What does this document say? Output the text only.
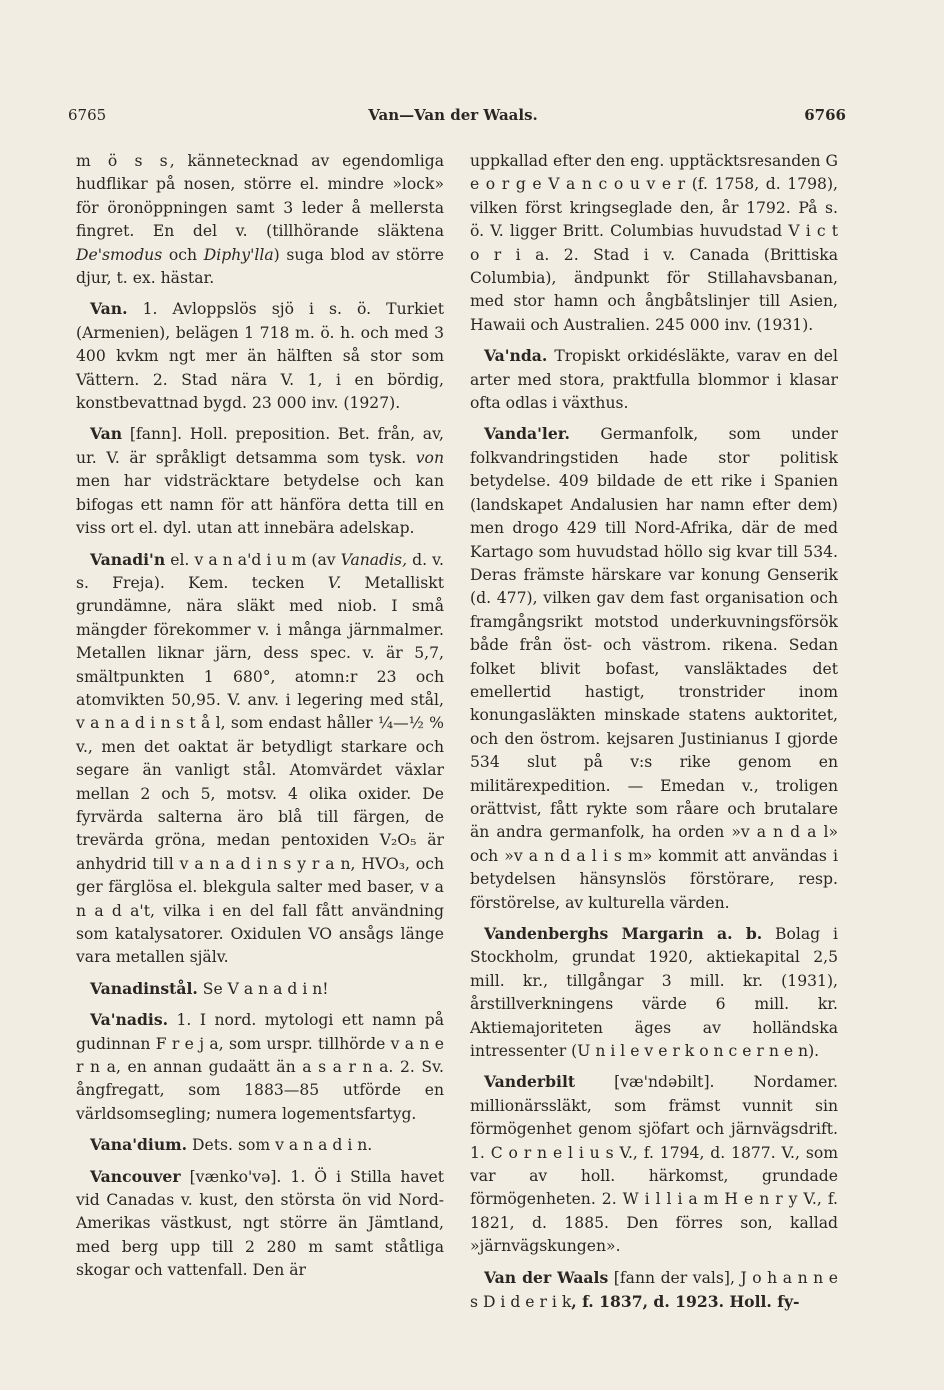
6765	Van—Van der Waals.	6766

m ö s s, kännetecknad av egendomliga hudflikar på nosen, större el. mindre »lock» för öronöppningen samt 3 leder å mellersta fingret. En del v. (tillhörande släktena De'smodus och Diphy'lla) suga blod av större djur, t. ex. hästar.

Van. 1. Avloppslös sjö i s. ö. Turkiet (Armenien), belägen 1 718 m. ö. h. och med 3 400 kvkm ngt mer än hälften så stor som Vättern. 2. Stad nära V. 1, i en bördig, konstbevattnad bygd. 23 000 inv. (1927).

Van [fann]. Holl. preposition. Bet. från, av, ur. V. är språkligt detsamma som tysk. von men har vidsträcktare betydelse och kan bifogas ett namn för att hänföra detta till en viss ort el. dyl. utan att innebära adelskap.

Vanadi'n el. v a n a'd i u m (av Vanadis, d. v. s. Freja). Kem. tecken V. Metalliskt grundämne, nära släkt med niob. I små mängder förekommer v. i många järnmalmer. Metallen liknar järn, dess spec. v. är 5,7, smältpunkten 1 680°, atomn:r 23 och atomvikten 50,95. V. anv. i legering med stål, v a n a d i n s t å l, som endast håller ¼—½ % v., men det oaktat är betydligt starkare och segare än vanligt stål. Atomvärdet växlar mellan 2 och 5, motsv. 4 olika oxider. De fyrvärda salterna äro blå till färgen, de trevärda gröna, medan pentoxiden V₂O₅ är anhydrid till v a n a d i n s y r a n, HVO₃, och ger färglösa el. blekgula salter med baser, v a n a d a't, vilka i en del fall fått användning som katalysatorer. Oxidulen VO ansågs länge vara metallen själv.

Vanadinstål. Se V a n a d i n!

Va'nadis. 1. I nord. mytologi ett namn på gudinnan F r e j a, som urspr. tillhörde v a n e r n a, en annan gudaätt än a s a r n a. 2. Sv. ångfregatt, som 1883—85 utförde en världsomsegling; numera logementsfartyg.

Vana'dium. Dets. som v a n a d i n.

Vancouver [vænko'və]. 1. Ö i Stilla havet vid Canadas v. kust, den största ön vid Nord-Amerikas västkust, ngt större än Jämtland, med berg upp till 2 280 m samt ståtliga skogar och vattenfall. Den är

uppkallad efter den eng. upptäcktsresanden G e o r g e V a n c o u v e r (f. 1758, d. 1798), vilken först kringseglade den, år 1792. På s. ö. V. ligger Britt. Columbias huvudstad V i c t o r i a. 2. Stad i v. Canada (Brittiska Columbia), ändpunkt för Stillahavsbanan, med stor hamn och ångbåtslinjer till Asien, Hawaii och Australien. 245 000 inv. (1931).

Va'nda. Tropiskt orkidésläkte, varav en del arter med stora, praktfulla blommor i klasar ofta odlas i växthus.

Vanda'ler. Germanfolk, som under folkvandringstiden hade stor politisk betydelse. 409 bildade de ett rike i Spanien (landskapet Andalusien har namn efter dem) men drogo 429 till Nord-Afrika, där de med Kartago som huvudstad höllo sig kvar till 534. Deras främste härskare var konung Genserik (d. 477), vilken gav dem fast organisation och framgångsrikt motstod underkuvningsförsök både från öst- och västrom. rikena. Sedan folket blivit bofast, vansläktades det emellertid hastigt, tronstrider inom konungasläkten minskade statens auktoritet, och den östrom. kejsaren Justinianus I gjorde 534 slut på v:s rike genom en militärexpedition. — Emedan v., troligen orättvist, fått rykte som råare och brutalare än andra germanfolk, ha orden »v a n d a l» och »v a n d a l i s m» kommit att användas i betydelsen hänsynslös förstörare, resp. förstörelse, av kulturella värden.

Vandenberghs Margarin a. b. Bolag i Stockholm, grundat 1920, aktiekapital 2,5 mill. kr., tillgångar 3 mill. kr. (1931), årstillverkningens värde 6 mill. kr. Aktiemajoriteten äges av holländska intressenter (U n i l e v e r k o n c e r n e n).

Vanderbilt [væ'ndəbilt]. Nordamer. millionärssläkt, som främst vunnit sin förmögenhet genom sjöfart och järnvägsdrift. 1. C o r n e l i u s V., f. 1794, d. 1877. V., som var av holl. härkomst, grundade förmögenheten. 2. W i l l i a m H e n r y V., f. 1821, d. 1885. Den förres son, kallad »järnvägskungen».

Van der Waals [fann der vals], J o h a n n e s D i d e r i k, f. 1837, d. 1923. Holl. fy-
